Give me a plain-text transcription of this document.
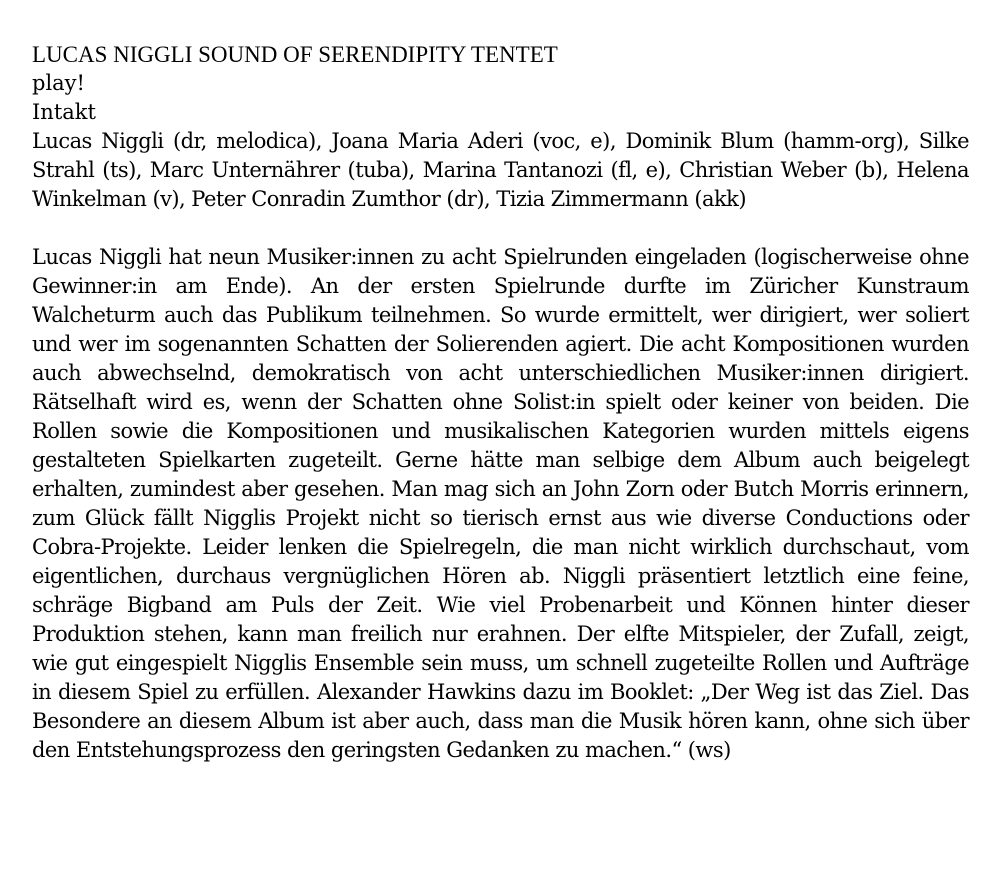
LUCAS NIGGLI SOUND OF SERENDIPITY TENTET
play!
Intakt

Lucas Niggli (dr, melodica), Joana Maria Aderi (voc, e), Dominik Blum (hamm-org), Silke Strahl (ts), Marc Unternährer (tuba), Marina Tantanozi (fl, e), Christian Weber (b), Helena Winkelman (v), Peter Conradin Zumthor (dr), Tizia Zimmermann (akk)

Lucas Niggli hat neun Musiker:innen zu acht Spielrunden eingeladen (logischerweise ohne Gewinner:in am Ende). An der ersten Spielrunde durfte im Züricher Kunstraum Walcheturm auch das Publikum teilnehmen. So wurde ermittelt, wer dirigiert, wer soliert und wer im sogenannten Schatten der Solierenden agiert. Die acht Kompositionen wurden auch abwechselnd, demokratisch von acht unterschiedlichen Musiker:innen dirigiert. Rätselhaft wird es, wenn der Schatten ohne Solist:in spielt oder keiner von beiden. Die Rollen sowie die Kompositionen und musikalischen Kategorien wurden mittels eigens gestalteten Spielkarten zugeteilt. Gerne hätte man selbige dem Album auch beigelegt erhalten, zumindest aber gesehen. Man mag sich an John Zorn oder Butch Morris erinnern, zum Glück fällt Nigglis Projekt nicht so tierisch ernst aus wie diverse Conductions oder Cobra-Projekte. Leider lenken die Spielregeln, die man nicht wirklich durchschaut, vom eigentlichen, durchaus vergnüglichen Hören ab. Niggli präsentiert letztlich eine feine, schräge Bigband am Puls der Zeit. Wie viel Probenarbeit und Können hinter dieser Produktion stehen, kann man freilich nur erahnen. Der elfte Mitspieler, der Zufall, zeigt, wie gut eingespielt Nigglis Ensemble sein muss, um schnell zugeteilte Rollen und Aufträge in diesem Spiel zu erfüllen. Alexander Hawkins dazu im Booklet: „Der Weg ist das Ziel. Das Besondere an diesem Album ist aber auch, dass man die Musik hören kann, ohne sich über den Entstehungsprozess den geringsten Gedanken zu machen.“ (ws)
